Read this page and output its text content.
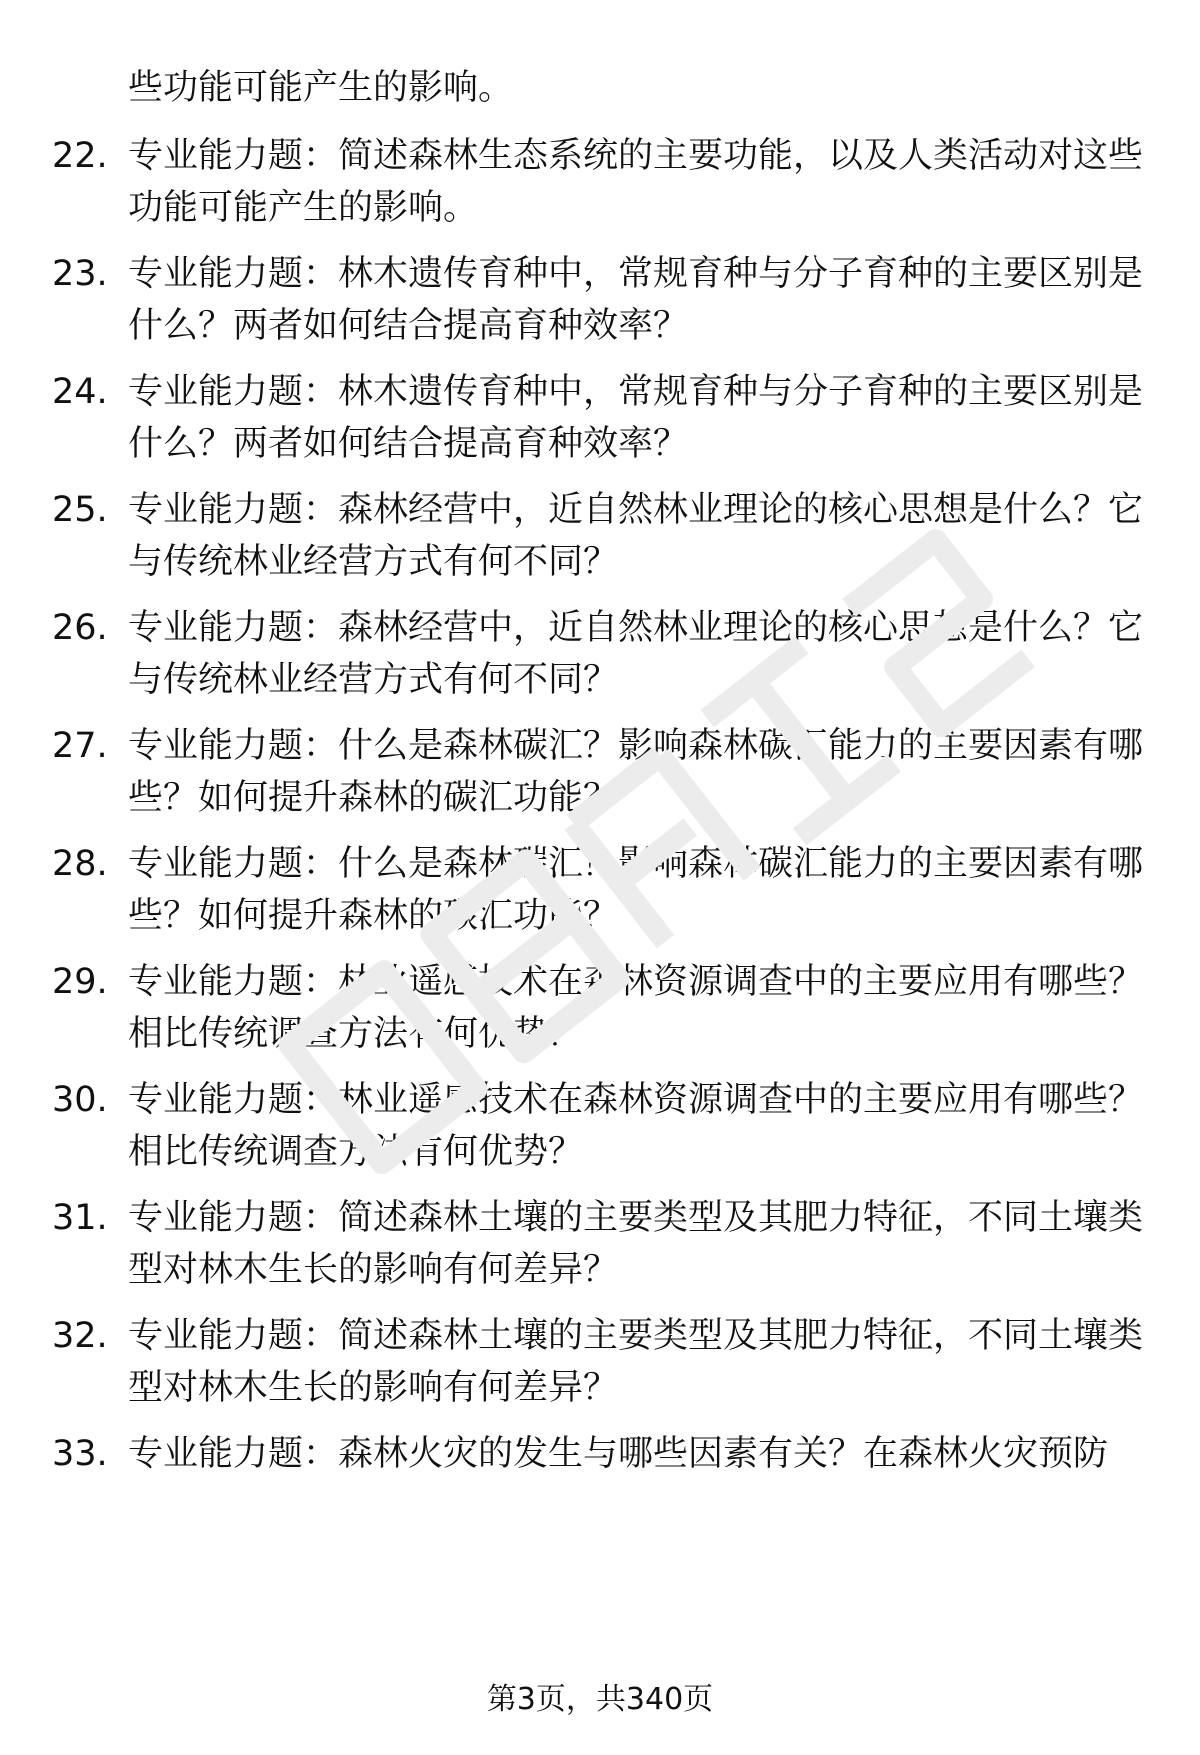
些功能可能产生的影响。

22. 专业能力题：简述森林生态系统的主要功能，以及人类活动对这些功能可能产生的影响。

23. 专业能力题：林木遗传育种中，常规育种与分子育种的主要区别是什么？两者如何结合提高育种效率？

24. 专业能力题：林木遗传育种中，常规育种与分子育种的主要区别是什么？两者如何结合提高育种效率？

25. 专业能力题：森林经营中，近自然林业理论的核心思想是什么？它与传统林业经营方式有何不同？

26. 专业能力题：森林经营中，近自然林业理论的核心思想是什么？它与传统林业经营方式有何不同？

27. 专业能力题：什么是森林碳汇？影响森林碳汇能力的主要因素有哪些？如何提升森林的碳汇功能？

28. 专业能力题：什么是森林碳汇？影响森林碳汇能力的主要因素有哪些？如何提升森林的碳汇功能？

29. 专业能力题：林业遥感技术在森林资源调查中的主要应用有哪些？相比传统调查方法有何优势？

30. 专业能力题：林业遥感技术在森林资源调查中的主要应用有哪些？相比传统调查方法有何优势？

31. 专业能力题：简述森林土壤的主要类型及其肥力特征，不同土壤类型对林木生长的影响有何差异？

32. 专业能力题：简述森林土壤的主要类型及其肥力特征，不同土壤类型对林木生长的影响有何差异？

33. 专业能力题：森林火灾的发生与哪些因素有关？在森林火灾预防

第3页，共340页
